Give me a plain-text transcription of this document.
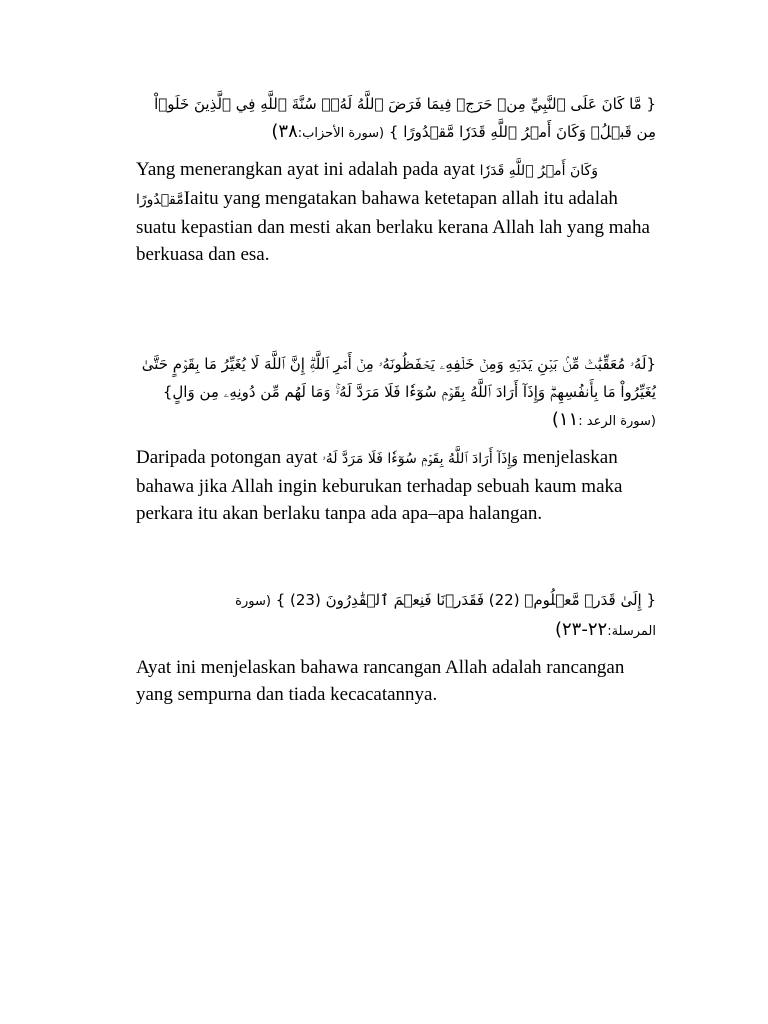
{ مَّا كَانَ عَلَى ٱلنَّبِيِّ مِنۡ حَرَجٖ فِيمَا فَرَضَ ٱللَّهُ لَهُۥۖ سُنَّةَ ٱللَّهِ فِي ٱلَّذِينَ خَلَوۡاْ مِن قَبۡلُۚ وَكَانَ أَمۡرُ ٱللَّهِ قَدَرٗا مَّقۡدُورًا } (سورة الأحزاب:٣٨)

Yang menerangkan ayat ini adalah pada ayat وَكَانَ أَمۡرُ ٱللَّهِ قَدَرٗا مَّقۡدُورًاIaitu yang mengatakan bahawa ketetapan allah itu adalah suatu kepastian dan mesti akan berlaku kerana Allah lah yang maha berkuasa dan esa.

{لَهُۥ مُعَقِّبَٰتٞ مِّنۢ بَيۡنِ يَدَيۡهِ وَمِنۡ خَلۡفِهِۦ يَحۡفَظُونَهُۥ مِنۡ أَمۡرِ ٱللَّهِۗ إِنَّ ٱللَّهَ لَا يُغَيِّرُ مَا بِقَوۡمٍ حَتَّىٰ يُغَيِّرُواْ مَا بِأَنفُسِهِمۡۗ وَإِذَآ أَرَادَ ٱللَّهُ بِقَوۡمٖ سُوٓءٗا فَلَا مَرَدَّ لَهُۥۚ وَمَا لَهُم مِّن دُونِهِۦ مِن وَالٍ} (سورة الرعد :١١)

Daripada potongan ayat وَإِذَآ أَرَادَ ٱللَّهُ بِقَوۡمٖ سُوٓءٗا فَلَا مَرَدَّ لَهُۥ menjelaskan bahawa jika Allah ingin keburukan terhadap sebuah kaum maka perkara itu akan berlaku tanpa ada apa–apa halangan.

{ إِلَىٰ قَدَرٖ مَّعۡلُومٖ (22) فَقَدَرۡنَا فَنِعۡمَ ٱلۡقَٰدِرُونَ (23) } (سورة المرسلة:٢٢-٢٣)

Ayat ini menjelaskan bahawa rancangan Allah adalah rancangan yang sempurna dan tiada kecacatannya.
